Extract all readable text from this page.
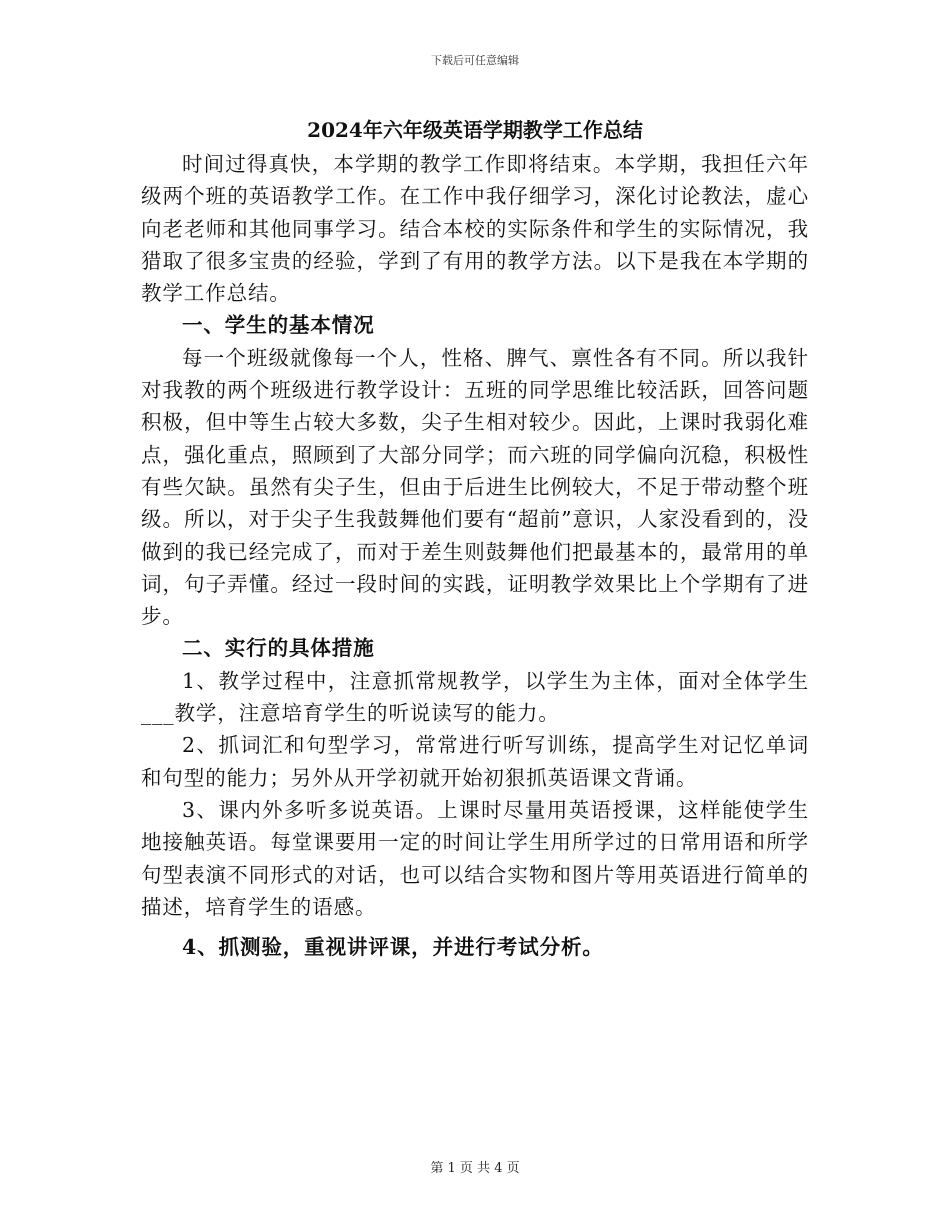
下载后可任意编辑
2024年六年级英语学期教学工作总结

时间过得真快，本学期的教学工作即将结束。本学期，我担任六年级两个班的英语教学工作。在工作中我仔细学习，深化讨论教法，虚心向老老师和其他同事学习。结合本校的实际条件和学生的实际情况，我猎取了很多宝贵的经验，学到了有用的教学方法。以下是我在本学期的教学工作总结。

一、学生的基本情况

每一个班级就像每一个人，性格、脾气、禀性各有不同。所以我针对我教的两个班级进行教学设计：五班的同学思维比较活跃，回答问题积极，但中等生占较大多数，尖子生相对较少。因此，上课时我弱化难点，强化重点，照顾到了大部分同学；而六班的同学偏向沉稳，积极性有些欠缺。虽然有尖子生，但由于后进生比例较大，不足于带动整个班级。所以，对于尖子生我鼓舞他们要有“超前”意识，人家没看到的，没做到的我已经完成了，而对于差生则鼓舞他们把最基本的，最常用的单词，句子弄懂。经过一段时间的实践，证明教学效果比上个学期有了进步。

二、实行的具体措施

1、教学过程中，注意抓常规教学，以学生为主体，面对全体学生___教学，注意培育学生的听说读写的能力。

2、抓词汇和句型学习，常常进行听写训练，提高学生对记忆单词和句型的能力；另外从开学初就开始初狠抓英语课文背诵。

3、课内外多听多说英语。上课时尽量用英语授课，这样能使学生地接触英语。每堂课要用一定的时间让学生用所学过的日常用语和所学句型表演不同形式的对话，也可以结合实物和图片等用英语进行简单的描述，培育学生的语感。

4、抓测验，重视讲评课，并进行考试分析。

第 1 页 共 4 页
